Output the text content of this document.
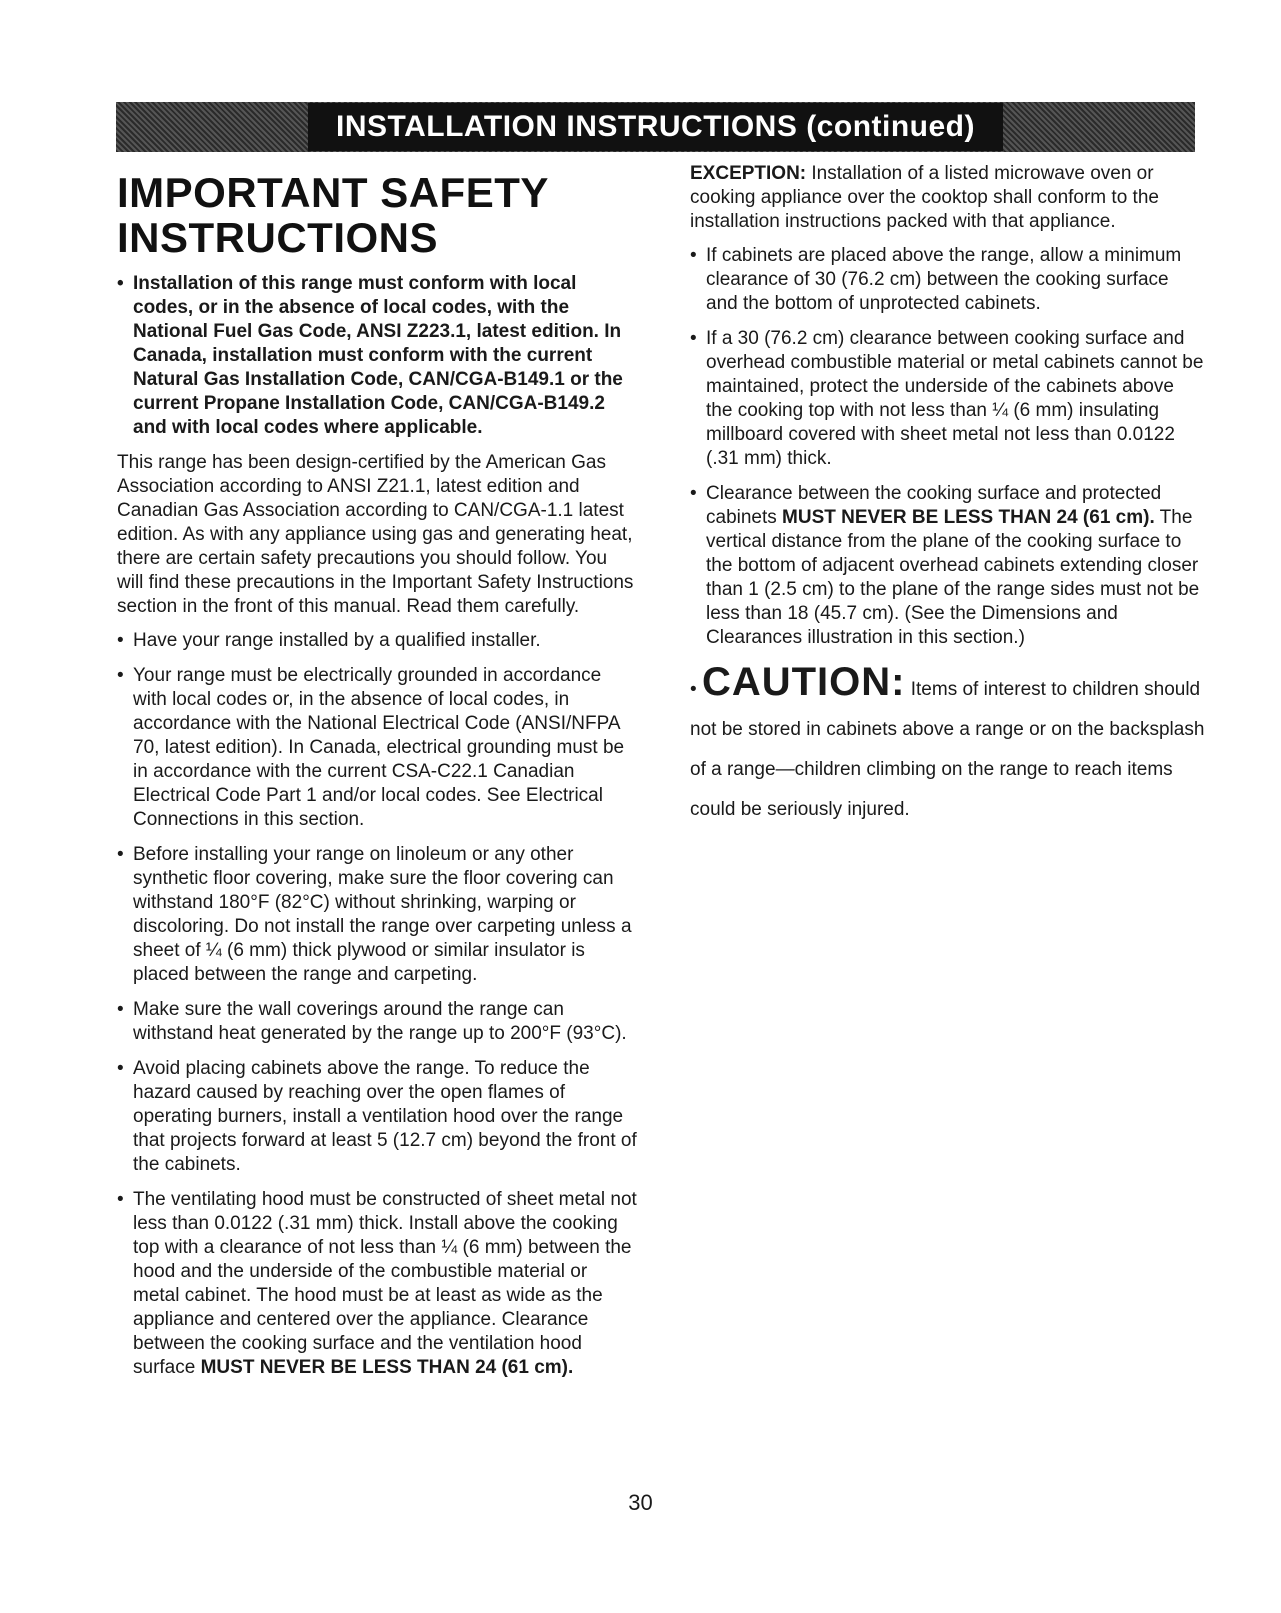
INSTALLATION INSTRUCTIONS (continued)
IMPORTANT SAFETY
INSTRUCTIONS
• Installation of this range must conform with local codes, or in the absence of local codes, with the National Fuel Gas Code, ANSI Z223.1, latest edition. In Canada, installation must conform with the current Natural Gas Installation Code, CAN/CGA-B149.1 or the current Propane Installation Code, CAN/CGA-B149.2 and with local codes where applicable.

This range has been design-certified by the American Gas Association according to ANSI Z21.1, latest edition and Canadian Gas Association according to CAN/CGA-1.1 latest edition. As with any appliance using gas and generating heat, there are certain safety precautions you should follow. You will find these precautions in the Important Safety Instructions section in the front of this manual. Read them carefully.

• Have your range installed by a qualified installer.
• Your range must be electrically grounded in accordance with local codes or, in the absence of local codes, in accordance with the National Electrical Code (ANSI/NFPA 70, latest edition). In Canada, electrical grounding must be in accordance with the current CSA-C22.1 Canadian Electrical Code Part 1 and/or local codes. See Electrical Connections in this section.
• Before installing your range on linoleum or any other synthetic floor covering, make sure the floor covering can withstand 180°F (82°C) without shrinking, warping or discoloring. Do not install the range over carpeting unless a sheet of ¼ (6 mm) thick plywood or similar insulator is placed between the range and carpeting.
• Make sure the wall coverings around the range can withstand heat generated by the range up to 200°F (93°C).
• Avoid placing cabinets above the range. To reduce the hazard caused by reaching over the open flames of operating burners, install a ventilation hood over the range that projects forward at least 5 (12.7 cm) beyond the front of the cabinets.
• The ventilating hood must be constructed of sheet metal not less than 0.0122 (.31 mm) thick. Install above the cooking top with a clearance of not less than ¼ (6 mm) between the hood and the underside of the combustible material or metal cabinet. The hood must be at least as wide as the appliance and centered over the appliance. Clearance between the cooking surface and the ventilation hood surface MUST NEVER BE LESS THAN 24 (61 cm).

EXCEPTION: Installation of a listed microwave oven or cooking appliance over the cooktop shall conform to the installation instructions packed with that appliance.

• If cabinets are placed above the range, allow a minimum clearance of 30 (76.2 cm) between the cooking surface and the bottom of unprotected cabinets.
• If a 30 (76.2 cm) clearance between cooking surface and overhead combustible material or metal cabinets cannot be maintained, protect the underside of the cabinets above the cooking top with not less than ¼ (6 mm) insulating millboard covered with sheet metal not less than 0.0122 (.31 mm) thick.
• Clearance between the cooking surface and protected cabinets MUST NEVER BE LESS THAN 24 (61 cm). The vertical distance from the plane of the cooking surface to the bottom of adjacent overhead cabinets extending closer than 1 (2.5 cm) to the plane of the range sides must not be less than 18 (45.7 cm). (See the Dimensions and Clearances illustration in this section.)
• CAUTION: Items of interest to children should not be stored in cabinets above a range or on the backsplash of a range—children climbing on the range to reach items could be seriously injured.
30
